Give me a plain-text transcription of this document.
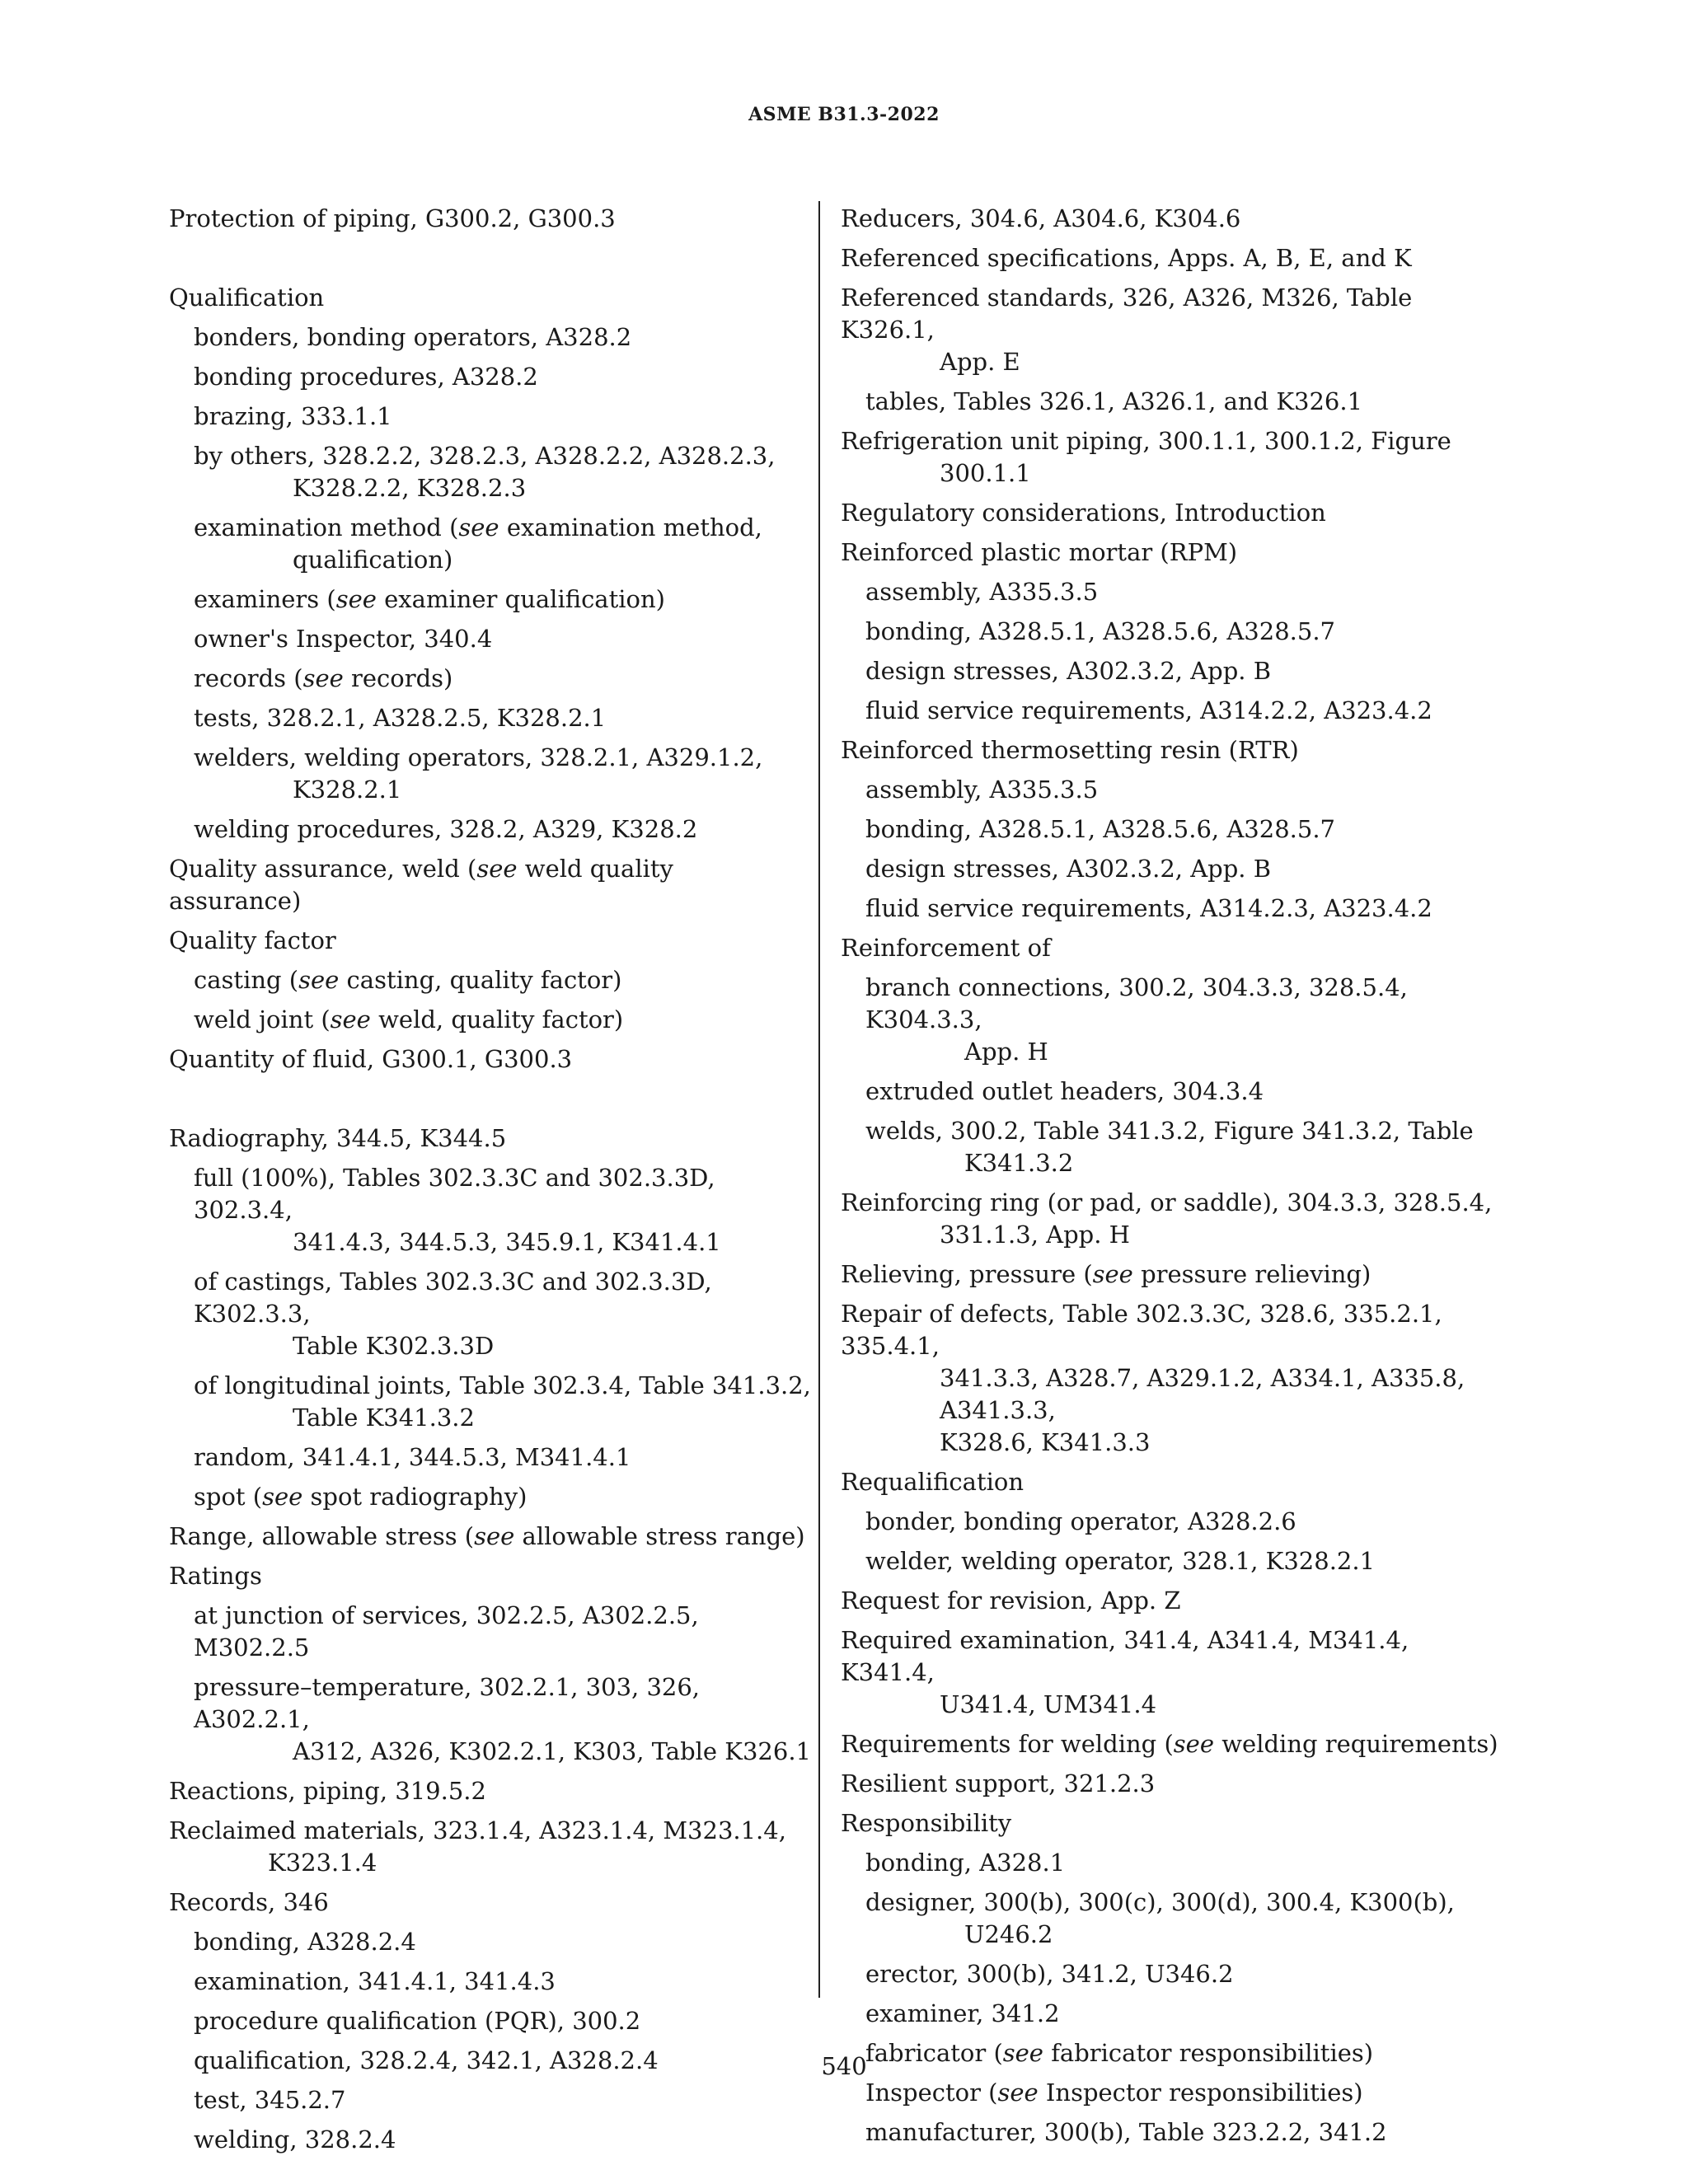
ASME B31.3-2022
Protection of piping, G300.2, G300.3
Qualification
bonders, bonding operators, A328.2
bonding procedures, A328.2
brazing, 333.1.1
by others, 328.2.2, 328.2.3, A328.2.2, A328.2.3,
K328.2.2, K328.2.3
examination method (see examination method,
qualification)
examiners (see examiner qualification)
owner's Inspector, 340.4
records (see records)
tests, 328.2.1, A328.2.5, K328.2.1
welders, welding operators, 328.2.1, A329.1.2,
K328.2.1
welding procedures, 328.2, A329, K328.2
Quality assurance, weld (see weld quality assurance)
Quality factor
casting (see casting, quality factor)
weld joint (see weld, quality factor)
Quantity of fluid, G300.1, G300.3
Radiography, 344.5, K344.5
full (100%), Tables 302.3.3C and 302.3.3D, 302.3.4,
341.4.3, 344.5.3, 345.9.1, K341.4.1
of castings, Tables 302.3.3C and 302.3.3D, K302.3.3,
Table K302.3.3D
of longitudinal joints, Table 302.3.4, Table 341.3.2,
Table K341.3.2
random, 341.4.1, 344.5.3, M341.4.1
spot (see spot radiography)
Range, allowable stress (see allowable stress range)
Ratings
at junction of services, 302.2.5, A302.2.5, M302.2.5
pressure–temperature, 302.2.1, 303, 326, A302.2.1,
A312, A326, K302.2.1, K303, Table K326.1
Reactions, piping, 319.5.2
Reclaimed materials, 323.1.4, A323.1.4, M323.1.4,
K323.1.4
Records, 346
bonding, A328.2.4
examination, 341.4.1, 341.4.3
procedure qualification (PQR), 300.2
qualification, 328.2.4, 342.1, A328.2.4
test, 345.2.7
welding, 328.2.4
Reducers, 304.6, A304.6, K304.6
Referenced specifications, Apps. A, B, E, and K
Referenced standards, 326, A326, M326, Table K326.1,
App. E
tables, Tables 326.1, A326.1, and K326.1
Refrigeration unit piping, 300.1.1, 300.1.2, Figure
300.1.1
Regulatory considerations, Introduction
Reinforced plastic mortar (RPM)
assembly, A335.3.5
bonding, A328.5.1, A328.5.6, A328.5.7
design stresses, A302.3.2, App. B
fluid service requirements, A314.2.2, A323.4.2
Reinforced thermosetting resin (RTR)
assembly, A335.3.5
bonding, A328.5.1, A328.5.6, A328.5.7
design stresses, A302.3.2, App. B
fluid service requirements, A314.2.3, A323.4.2
Reinforcement of
branch connections, 300.2, 304.3.3, 328.5.4, K304.3.3,
App. H
extruded outlet headers, 304.3.4
welds, 300.2, Table 341.3.2, Figure 341.3.2, Table
K341.3.2
Reinforcing ring (or pad, or saddle), 304.3.3, 328.5.4,
331.1.3, App. H
Relieving, pressure (see pressure relieving)
Repair of defects, Table 302.3.3C, 328.6, 335.2.1, 335.4.1,
341.3.3, A328.7, A329.1.2, A334.1, A335.8, A341.3.3,
K328.6, K341.3.3
Requalification
bonder, bonding operator, A328.2.6
welder, welding operator, 328.1, K328.2.1
Request for revision, App. Z
Required examination, 341.4, A341.4, M341.4, K341.4,
U341.4, UM341.4
Requirements for welding (see welding requirements)
Resilient support, 321.2.3
Responsibility
bonding, A328.1
designer, 300(b), 300(c), 300(d), 300.4, K300(b),
U246.2
erector, 300(b), 341.2, U346.2
examiner, 341.2
fabricator (see fabricator responsibilities)
Inspector (see Inspector responsibilities)
manufacturer, 300(b), Table 323.2.2, 341.2
540
